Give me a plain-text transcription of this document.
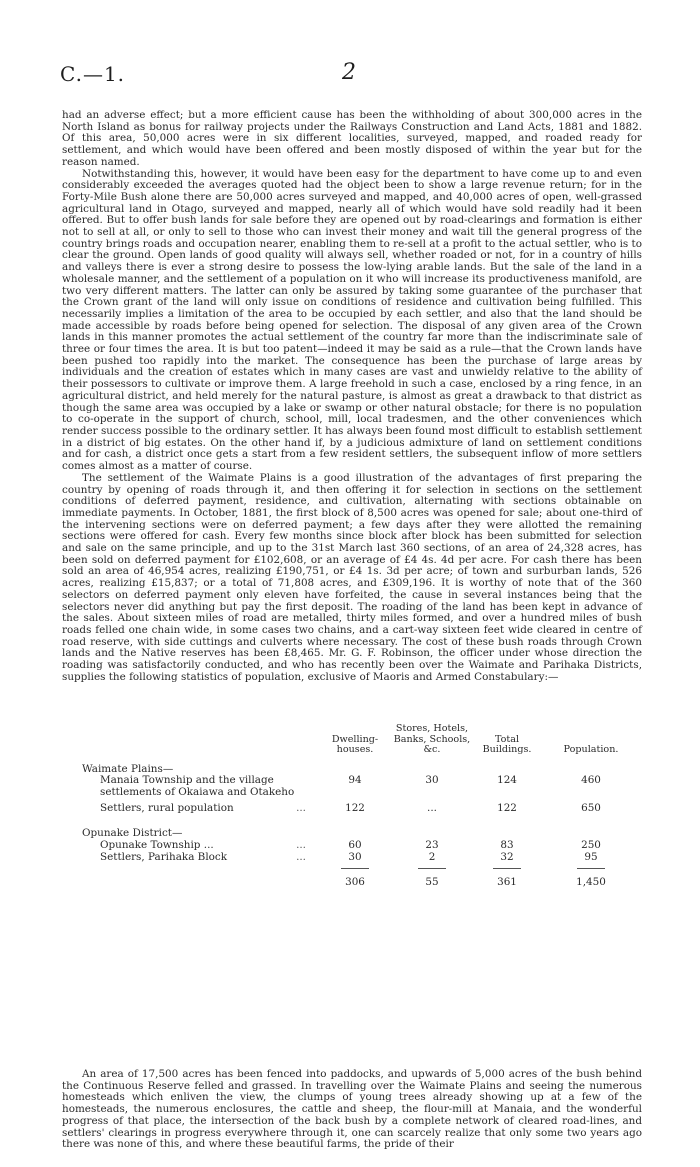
C.—1.	2

had an adverse effect; but a more efficient cause has been the withholding of about 300,000 acres in the North Island as bonus for railway projects under the Railways Construction and Land Acts, 1881 and 1882. Of this area, 50,000 acres were in six different localities, surveyed, mapped, and roaded ready for settlement, and which would have been offered and been mostly disposed of within the year but for the reason named.

Notwithstanding this, however, it would have been easy for the department to have come up to and even considerably exceeded the averages quoted had the object been to show a large revenue return; for in the Forty-Mile Bush alone there are 50,000 acres surveyed and mapped, and 40,000 acres of open, well-grassed agricultural land in Otago, surveyed and mapped, nearly all of which would have sold readily had it been offered. But to offer bush lands for sale before they are opened out by road-clearings and formation is either not to sell at all, or only to sell to those who can invest their money and wait till the general progress of the country brings roads and occupation nearer, enabling them to re-sell at a profit to the actual settler, who is to clear the ground. Open lands of good quality will always sell, whether roaded or not, for in a country of hills and valleys there is ever a strong desire to possess the low-lying arable lands. But the sale of the land in a wholesale manner, and the settlement of a population on it who will increase its productiveness manifold, are two very different matters. The latter can only be assured by taking some guarantee of the purchaser that the Crown grant of the land will only issue on conditions of residence and cultivation being fulfilled. This necessarily implies a limitation of the area to be occupied by each settler, and also that the land should be made accessible by roads before being opened for selection. The disposal of any given area of the Crown lands in this manner promotes the actual settlement of the country far more than the indiscriminate sale of three or four times the area. It is but too patent—indeed it may be said as a rule—that the Crown lands have been pushed too rapidly into the market. The consequence has been the purchase of large areas by individuals and the creation of estates which in many cases are vast and unwieldy relative to the ability of their possessors to cultivate or improve them. A large freehold in such a case, enclosed by a ring fence, in an agricultural district, and held merely for the natural pasture, is almost as great a drawback to that district as though the same area was occupied by a lake or swamp or other natural obstacle; for there is no population to co-operate in the support of church, school, mill, local tradesmen, and the other conveniences which render success possible to the ordinary settler. It has always been found most difficult to establish settlement in a district of big estates. On the other hand if, by a judicious admixture of land on settlement conditions and for cash, a district once gets a start from a few resident settlers, the subsequent inflow of more settlers comes almost as a matter of course.

The settlement of the Waimate Plains is a good illustration of the advantages of first preparing the country by opening of roads through it, and then offering it for selection in sections on the settlement conditions of deferred payment, residence, and cultivation, alternating with sections obtainable on immediate payments. In October, 1881, the first block of 8,500 acres was opened for sale; about one-third of the intervening sections were on deferred payment; a few days after they were allotted the remaining sections were offered for cash. Every few months since block after block has been submitted for selection and sale on the same principle, and up to the 31st March last 360 sections, of an area of 24,328 acres, has been sold on deferred payment for £102,608, or an average of £4 4s. 4d per acre. For cash there has been sold an area of 46,954 acres, realizing £190,751, or £4 1s. 3d per acre; of town and surburban lands, 526 acres, realizing £15,837; or a total of 71,808 acres, and £309,196. It is worthy of note that of the 360 selectors on deferred payment only eleven have forfeited, the cause in several instances being that the selectors never did anything but pay the first deposit. The roading of the land has been kept in advance of the sales. About sixteen miles of road are metalled, thirty miles formed, and over a hundred miles of bush roads felled one chain wide, in some cases two chains, and a cart-way sixteen feet wide cleared in centre of road reserve, with side cuttings and culverts where necessary. The cost of these bush roads through Crown lands and the Native reserves has been £8,465. Mr. G. F. Robinson, the officer under whose direction the roading was satisfactorily conducted, and who has recently been over the Waimate and Parihaka Districts, supplies the following statistics of population, exclusive of Maoris and Armed Constabulary:—

	Dwelling-houses.	Stores, Hotels, Banks, Schools, &c.	Total Buildings.	Population.

Waimate Plains—				
Manaia Township and the village settlements of Okaiawa and Otakeho	94	30	124	460

Settlers, rural population ...	122	...	122	650

Opunake District—				
Opunake Township ... ...	60	23	83	250
Settlers, Parihaka Block ...	30	2	32	95

	306	55	361	1,450

An area of 17,500 acres has been fenced into paddocks, and upwards of 5,000 acres of the bush behind the Continuous Reserve felled and grassed. In travelling over the Waimate Plains and seeing the numerous homesteads which enliven the view, the clumps of young trees already showing up at a few of the homesteads, the numerous enclosures, the cattle and sheep, the flour-mill at Manaia, and the wonderful progress of that place, the intersection of the back bush by a complete network of cleared road-lines, and settlers' clearings in progress everywhere through it, one can scarcely realize that only some two years ago there was none of this, and where these beautiful farms, the pride of their
